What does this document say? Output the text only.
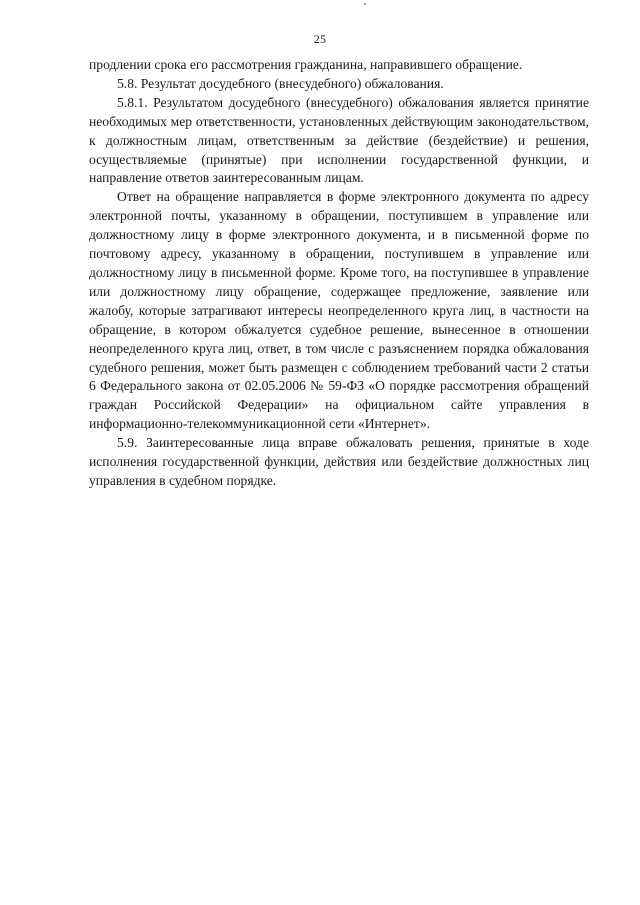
25

продлении срока его рассмотрения гражданина, направившего обращение.

5.8. Результат досудебного (внесудебного) обжалования.

5.8.1. Результатом досудебного (внесудебного) обжалования является принятие необходимых мер ответственности, установленных действующим законодательством, к должностным лицам, ответственным за действие (бездействие) и решения, осуществляемые (принятые) при исполнении государственной функции, и направление ответов заинтересованным лицам.

Ответ на обращение направляется в форме электронного документа по адресу электронной почты, указанному в обращении, поступившем в управление или должностному лицу в форме электронного документа, и в письменной форме по почтовому адресу, указанному в обращении, поступившем в управление или должностному лицу в письменной форме. Кроме того, на поступившее в управление или должностному лицу обращение, содержащее предложение, заявление или жалобу, которые затрагивают интересы неопределенного круга лиц, в частности на обращение, в котором обжалуется судебное решение, вынесенное в отношении неопределенного круга лиц, ответ, в том числе с разъяснением порядка обжалования судебного решения, может быть размещен с соблюдением требований части 2 статьи 6 Федерального закона от 02.05.2006 № 59-ФЗ «О порядке рассмотрения обращений граждан Российской Федерации» на официальном сайте управления в информационно-телекоммуникационной сети «Интернет».

5.9. Заинтересованные лица вправе обжаловать решения, принятые в ходе исполнения государственной функции, действия или бездействие должностных лиц управления в судебном порядке.
